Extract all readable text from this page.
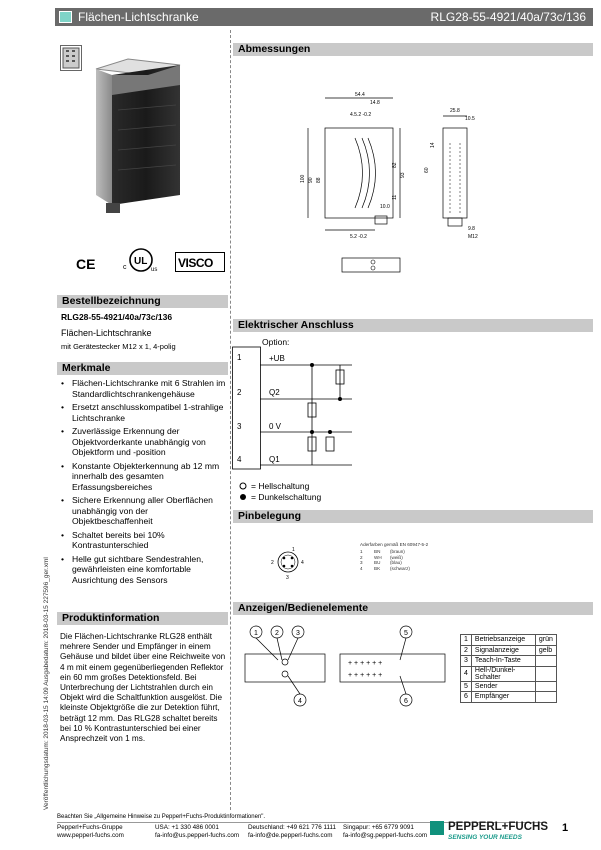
Flächen-Lichtschranke	RLG28-55-4921/40a/73c/136
Veröffentlichungsdatum: 2018-03-15 14:09 Ausgabedatum: 2018-03-15 227596_ger.xml
CE	UL
c	us VISCO
Bestellbezeichnung
RLG28-55-4921/40a/73c/136
Flächen-Lichtschranke
mit Gerätestecker M12 x 1, 4-polig
Merkmale
• Flächen-Lichtschranke mit 6 Strahlen im Standardlichtschrankengehäuse
• Ersetzt anschlusskompatibel 1-strahlige Lichtschranke
• Zuverlässige Erkennung der Objektvorderkante unabhängig von Objektform und -position
• Konstante Objekterkennung ab 12 mm innerhalb des gesamten Erfassungsbereiches
• Sichere Erkennung aller Oberflächen unabhängig von der Objektbeschaffenheit
• Schaltet bereits bei 10% Kontrastunterschied
• Helle gut sichtbare Sendestrahlen, gewährleisten eine komfortable Ausrichtung des Sensors
Produktinformation
Die Flächen-Lichtschranke RLG28 enthält mehrere Sender und Empfänger in einem Gehäuse und bildet über eine Reichweite von 4 m mit einem gegenüberliegenden Reflektor ein 60 mm großes Detektionsfeld. Bei Unterbrechung der Lichtstrahlen durch ein Objekt wird die Schaltfunktion ausgelöst. Die kleinste Objektgröße die zur Detektion führt, beträgt 12 mm. Das RLG28 schaltet bereits bei 10 % Kontrastunterschied bei einer Ansprechzeit von 1 ms.
Abmessungen
54.4
14.8
4.5.2 -0.2
25.8
10.5
100 90 88
82
93
60
14
5.2 -0.2
10.0
11
9.8
M12
Elektrischer Anschluss
Option:
1
2
3
4
+UB
Q2
0 V
Q1
= Hellschaltung
= Dunkelschaltung
Pinbelegung
1
2
3
4
Aderfarben gemäß EN 60947-5-2
1	BN	(braun)
2	WH	(weiß)
3	BU	(blau)
4	BK	(schwarz)
Anzeigen/Bedienelemente
1 2 3
4
5
6
+ + + + + +
+ + + + + +
1	Betriebsanzeige	grün
2	Signalanzeige	gelb
3	Teach-In-Taste	
4	Hell-/Dunkel-Schalter	
5	Sender	
6	Empfänger	
Beachten Sie „Allgemeine Hinweise zu Pepperl+Fuchs-Produktinformationen".
Pepperl+Fuchs-Gruppe
www.pepperl-fuchs.com
USA: +1 330 486 0001
fa-info@us.pepperl-fuchs.com
Deutschland: +49 621 776 1111
fa-info@de.pepperl-fuchs.com
Singapur: +65 6779 9091
fa-info@sg.pepperl-fuchs.com
PEPPERL+FUCHS
SENSING YOUR NEEDS
1
